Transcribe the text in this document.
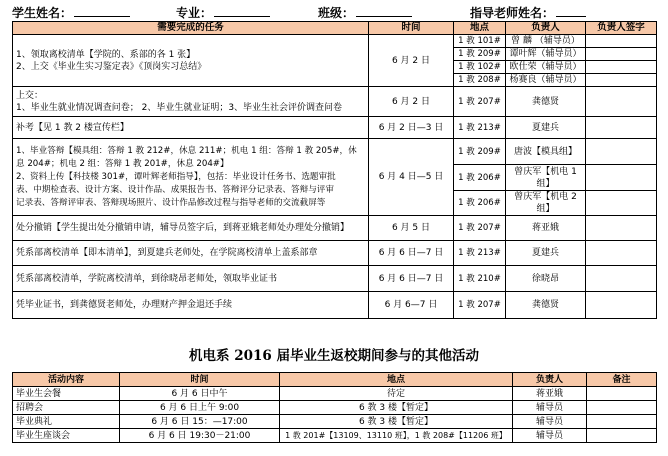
学生姓名：	专业：	班级：	指导老师姓名：
需要完成的任务	时间	地点	负责人	负责人签字

1、领取离校清单【学院的、系部的各 1 张】
2、上交《毕业生实习鉴定表》《顶岗实习总结》	6 月 2 日	1 教 101#	曾 麟 （辅导员）	
		1 教 209#	谭叶辉（辅导员）	
		1 教 102#	欧仕荣（辅导员）	
		1 教 208#	杨赛良（辅导员）	

上交：
1、毕业生就业情况调查问卷； 2、毕业生就业证明；3、毕业生社会评价调查问卷	6 月 2 日	1 教 207#	龚德贤	

补考【见 1 教 2 楼宣传栏】	6 月 2 日—3 日	1 教 213#	夏建兵	

1、毕业答辩【模具组：答辩 1 教 212#，休息 211#；机电 1 组：答辩 1 教 205#，休
息 204#；机电 2 组：答辩 1 教 201#，休息 204#】
2、资料上传【科技楼 301#，谭叶辉老师指导】，包括：毕业设计任务书、选题审批
表、中期检查表、设计方案、设计作品、成果报告书、答辩评分记录表、答辩与评审
记录表、答辩评审表、答辩现场照片、设计作品修改过程与指导老师的交流截屏等	6 月 4 日—5 日	1 教 209#	唐波【模具组】	
		1 教 206#	曾庆军【机电 1 组】	
		1 教 206#	曾庆军【机电 2 组】	
处分撤销【学生提出处分撤销申请，辅导员签字后，到蒋亚娥老师处办理处分撤销】	6 月 5 日	1 教 207#	蒋亚娥	
凭系部离校清单【即本清单】，到夏建兵老师处，在学院离校清单上盖系部章	6 月 6 日—7 日	1 教 213#	夏建兵	
凭系部离校清单，学院离校清单，到徐晓昂老师处，领取毕业证书	6 月 6 日—7 日	1 教 210#	徐晓昂	
凭毕业证书，到龚德贤老师处，办理财产押金退还手续	6 月 6—7 日	1 教 207#	龚德贤	
机电系 2016 届毕业生返校期间参与的其他活动
活动内容	时间	地点	负责人	备注
毕业生会餐	6 月 6 日中午	待定	蒋亚娥	
招聘会	6 月 6 日上午 9:00	6 教 3 楼【暂定】	辅导员	
毕业典礼	6 月 6 日 15：—17:00	6 教 3 楼【暂定】	辅导员	
毕业生座谈会	6 月 6 日 19:30－21:00	1 教 201#【13109、13110 班】，1 教 208#【11206 班】	辅导员	
